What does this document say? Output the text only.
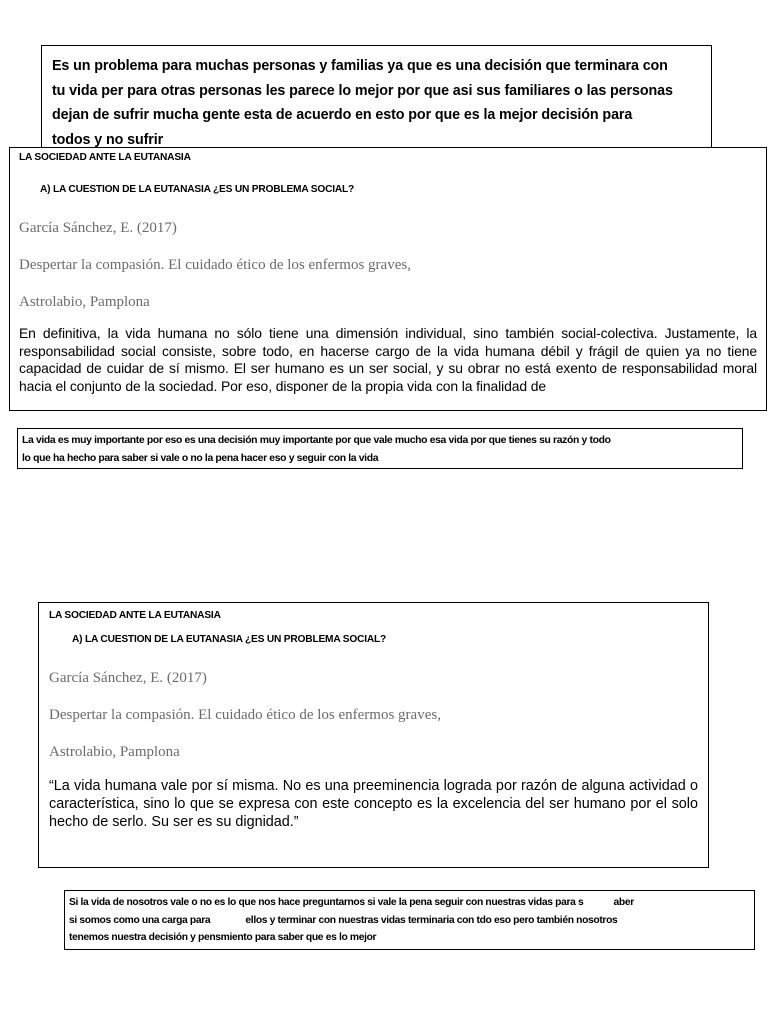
Es un problema para muchas personas y familias ya que es una decisión que terminara con

tu vida per para otras personas les parece lo mejor por que asi sus familiares o las personas

dejan de sufrir mucha gente esta de acuerdo en esto por que es la mejor decisión para

todos y no sufrir

LA SOCIEDAD ANTE LA EUTANASIA

A) LA CUESTION DE LA EUTANASIA ¿ES UN PROBLEMA SOCIAL?

García Sánchez, E. (2017)

Despertar la compasión. El cuidado ético de los enfermos graves,

Astrolabio, Pamplona

En definitiva, la vida humana no sólo tiene una dimensión individual, sino también social-colectiva. Justamente, la responsabilidad social consiste, sobre todo, en hacerse cargo de la vida humana débil y frágil de quien ya no tiene capacidad de cuidar de sí mismo. El ser humano es un ser social, y su obrar no está exento de responsabilidad moral hacia el conjunto de la sociedad. Por eso, disponer de la propia vida con la finalidad de

La vida es muy importante por eso es una decisión muy importante por que vale mucho esa vida por que tienes su razón y todo

lo que ha hecho para saber si vale o no la pena hacer eso y seguir con la vida

LA SOCIEDAD ANTE LA EUTANASIA

A) LA CUESTION DE LA EUTANASIA ¿ES UN PROBLEMA SOCIAL?

García Sánchez, E. (2017)

Despertar la compasión. El cuidado ético de los enfermos graves,

Astrolabio, Pamplona

“La vida humana vale por sí misma. No es una preeminencia lograda por razón de alguna actividad o característica, sino lo que se expresa con este concepto es la excelencia del ser humano por el solo hecho de serlo. Su ser es su dignidad.”

Si la vida de nosotros vale o no es lo que nos hace preguntarnos si vale la pena seguir con nuestras vidas para s            aber

si somos como una carga para              ellos y terminar con nuestras vidas terminaria con tdo eso pero también nosotros

tenemos nuestra decisión y pensmiento para saber que es lo mejor
